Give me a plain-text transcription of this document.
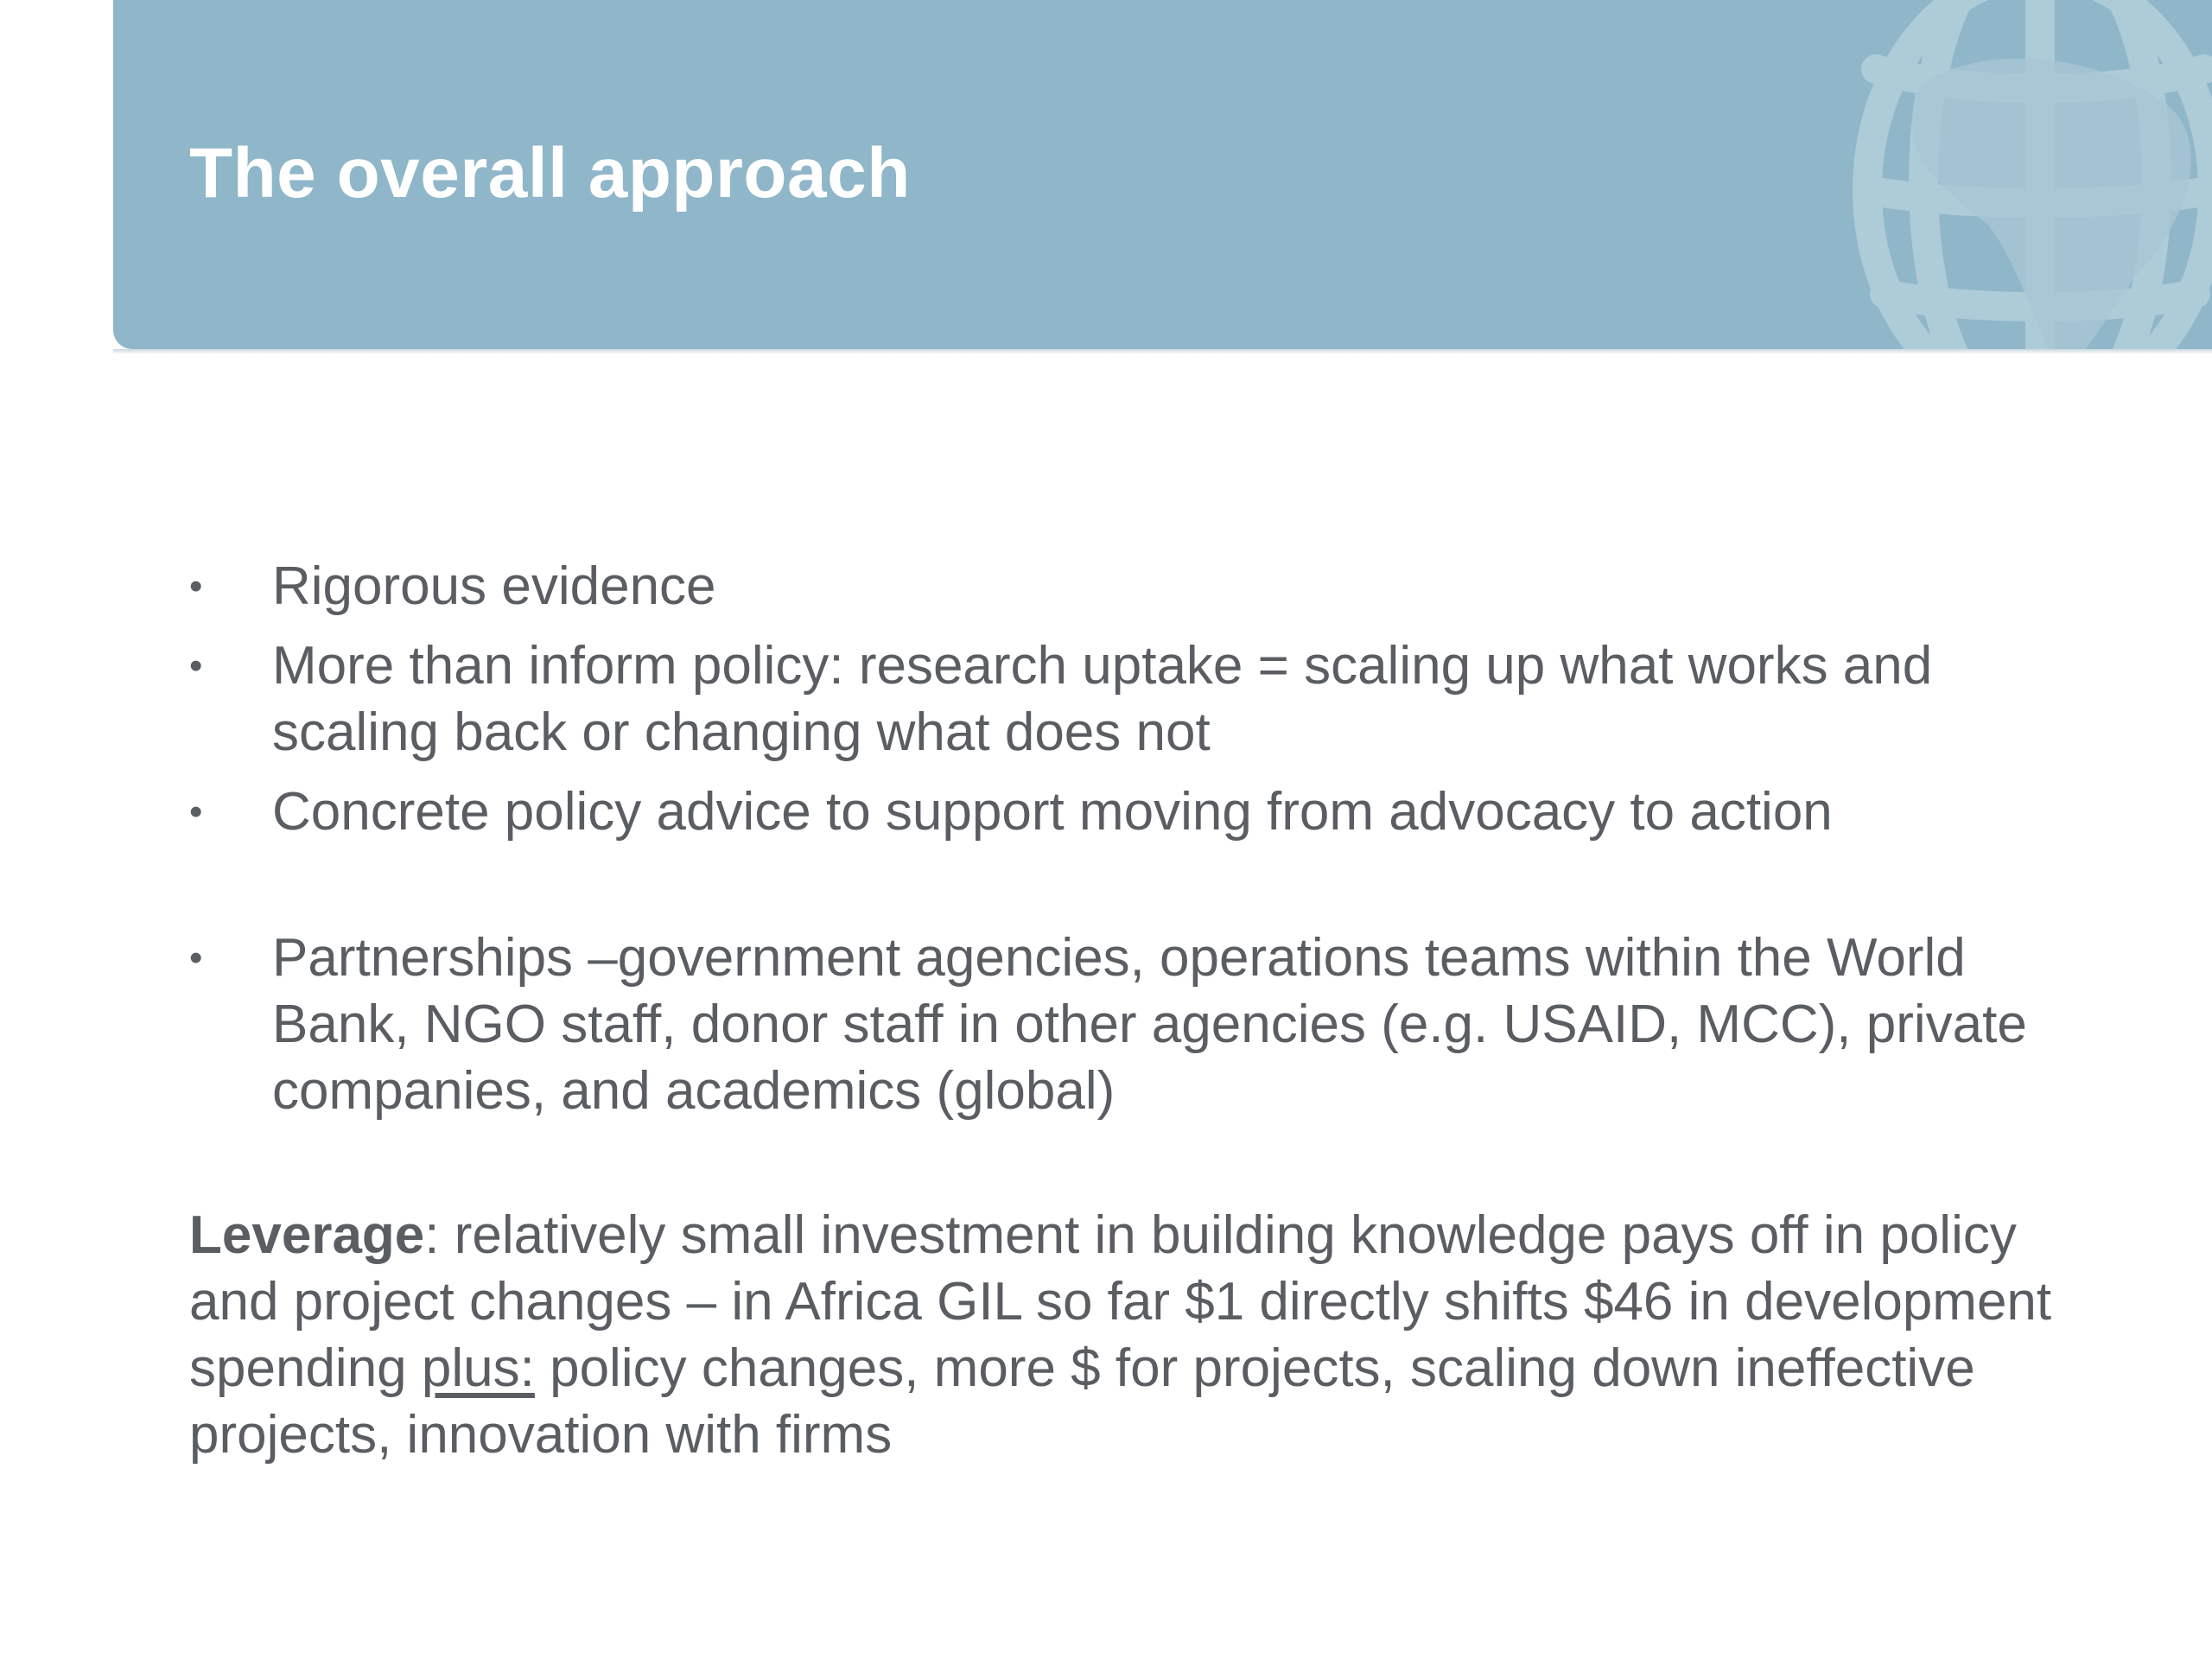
The overall approach
• Rigorous evidence
• More than inform policy: research uptake = scaling up what works and scaling back or changing what does not
• Concrete policy advice to support moving from advocacy to action
• Partnerships –government agencies, operations teams within the World Bank, NGO staff, donor staff in other agencies (e.g. USAID, MCC), private companies, and academics (global)

Leverage: relatively small investment in building knowledge pays off in policy and project changes – in Africa GIL so far $1 directly shifts $46 in development spending plus: policy changes, more $ for projects, scaling down ineffective projects, innovation with firms
